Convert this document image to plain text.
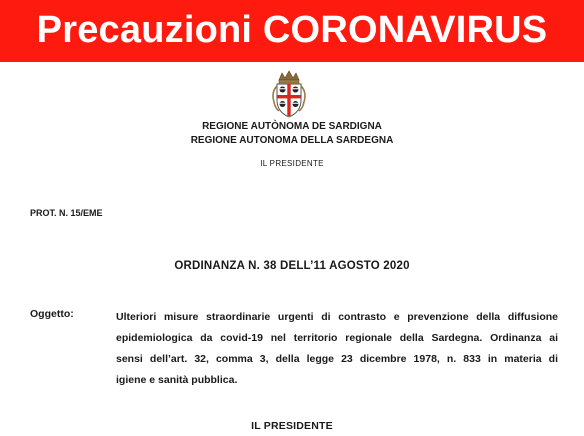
Precauzioni CORONAVIRUS
REGIONE AUTÒNOMA DE SARDIGNA
REGIONE AUTONOMA DELLA SARDEGNA
IL PRESIDENTE
PROT. N. 15/EME
ORDINANZA N. 38 DELL’11 AGOSTO 2020
Oggetto:	Ulteriori misure straordinarie urgenti di contrasto e prevenzione della diffusione
epidemiologica da covid-19 nel territorio regionale della Sardegna. Ordinanza ai
sensi dell’art. 32, comma 3, della legge 23 dicembre 1978, n. 833 in materia di
igiene e sanità pubblica.
IL PRESIDENTE
